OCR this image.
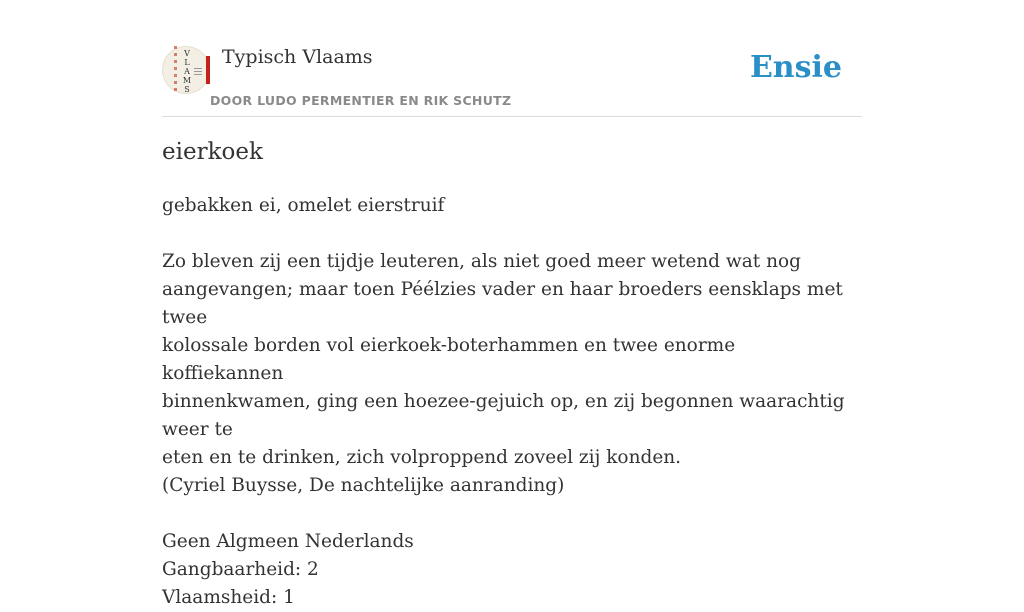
V
L
A
M
S
Typisch Vlaams
DOOR LUDO PERMENTIER EN RIK SCHUTZ
Ensie
eierkoek

gebakken ei, omelet eierstruif

Zo bleven zij een tijdje leuteren, als niet goed meer wetend wat nog
aangevangen; maar toen Péélzies vader en haar broeders eensklaps met twee
kolossale borden vol eierkoek-boterhammen en twee enorme koffiekannen
binnenkwamen, ging een hoezee-gejuich op, en zij begonnen waarachtig weer te
eten en te drinken, zich volproppend zoveel zij konden.

(Cyriel Buysse, De nachtelijke aanranding)

Geen Algmeen Nederlands

Gangbaarheid: 2

Vlaamsheid: 1
